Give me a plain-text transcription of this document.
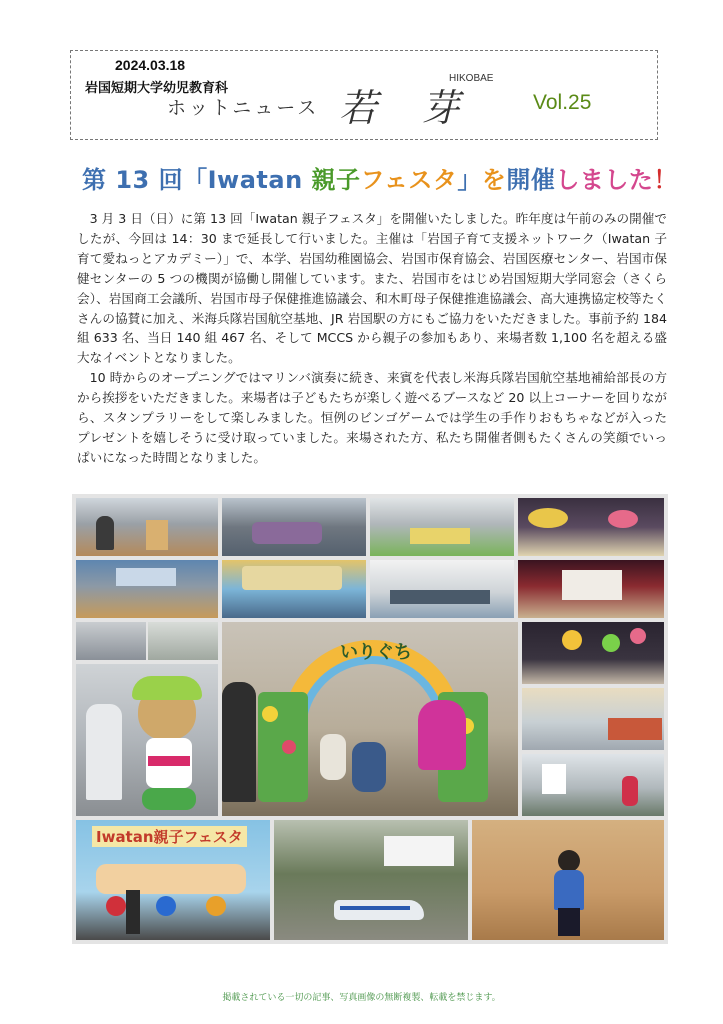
2024.03.18
岩国短期大学幼児教育科
ホットニュース 若 芽
HIKOBAE
Vol.25
第 13 回「Iwatan 親子フェスタ」を開催しました！

3 月 3 日（日）に第 13 回「Iwatan 親子フェスタ」を開催いたしました。昨年度は午前のみの開催でしたが、今回は 14：30 まで延長して行いました。主催は「岩国子育て支援ネットワーク（Iwatan 子育て愛ねっとアカデミー）」で、本学、岩国幼稚園協会、岩国市保育協会、岩国医療センター、岩国市保健センターの 5 つの機関が協働し開催しています。また、岩国市をはじめ岩国短期大学同窓会（さくら会）、岩国商工会議所、岩国市母子保健推進協議会、和木町母子保健推進協議会、高大連携協定校等たくさんの協賛に加え、米海兵隊岩国航空基地、JR 岩国駅の方にもご協力をいただきました。事前予約 184 組 633 名、当日 140 組 467 名、そして MCCS から親子の参加もあり、来場者数 1,100 名を超える盛大なイベントとなりました。

10 時からのオープニングではマリンバ演奏に続き、来賓を代表し米海兵隊岩国航空基地補給部長の方から挨拶をいただきました。来場者は子どもたちが楽しく遊べるブースなど 20 以上コーナーを回りながら、スタンプラリーをして楽しみました。恒例のビンゴゲームでは学生の手作りおもちゃなどが入ったプレゼントを嬉しそうに受け取っていました。来場された方、私たち開催者側もたくさんの笑顔でいっぱいになった時間となりました。

いりぐち
Iwatan親子フェスタ
掲載されている一切の記事、写真画像の無断複製、転載を禁じます。
